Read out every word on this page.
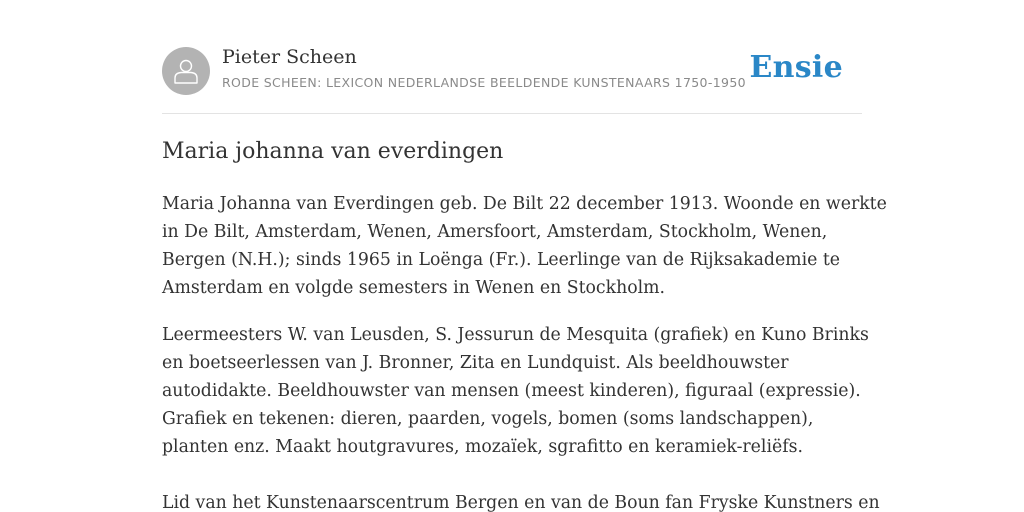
Pieter Scheen
RODE SCHEEN: LEXICON NEDERLANDSE BEELDENDE KUNSTENAARS 1750-1950 Ensie
Maria johanna van everdingen

Maria Johanna van Everdingen geb. De Bilt 22 december 1913. Woonde en werkte
in De Bilt, Amsterdam, Wenen, Amersfoort, Amsterdam, Stockholm, Wenen,
Bergen (N.H.); sinds 1965 in Loënga (Fr.). Leerlinge van de Rijksakademie te
Amsterdam en volgde semesters in Wenen en Stockholm.

Leermeesters W. van Leusden, S. Jessurun de Mesquita (grafiek) en Kuno Brinks
en boetseerlessen van J. Bronner, Zita en Lundquist. Als beeldhouwster
autodidakte. Beeldhouwster van mensen (meest kinderen), figuraal (expressie).
Grafiek en tekenen: dieren, paarden, vogels, bomen (soms landschappen),
planten enz. Maakt houtgravures, mozaïek, sgrafitto en keramiek-reliëfs.

Lid van het Kunstenaarscentrum Bergen en van de Boun fan Fryske Kunstners en
